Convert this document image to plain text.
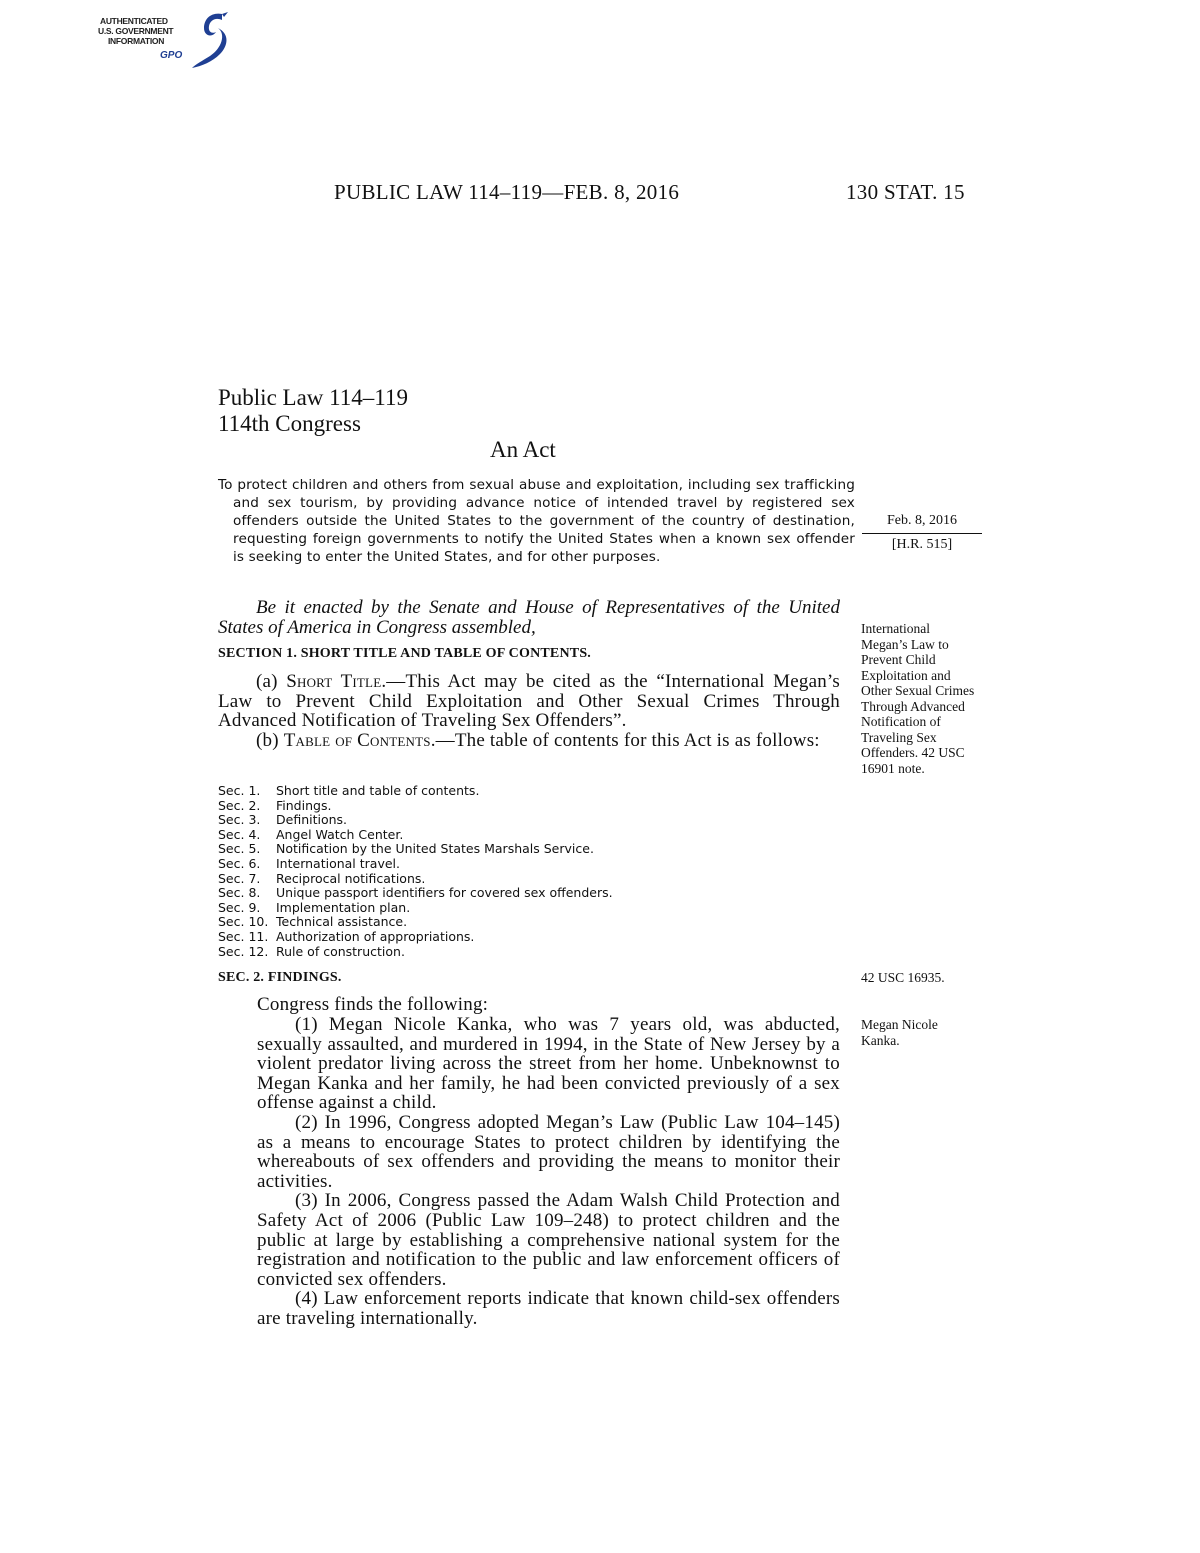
AUTHENTICATED
U.S. GOVERNMENT
INFORMATION
GPO
PUBLIC LAW 114–119—FEB. 8, 2016	130 STAT. 15
Public Law 114–119
114th Congress
An Act
To protect children and others from sexual abuse and exploitation, including sex trafficking and sex tourism, by providing advance notice of intended travel by registered sex offenders outside the United States to the government of the country of destination, requesting foreign governments to notify the United States when a known sex offender is seeking to enter the United States, and for other purposes.
Feb. 8, 2016
[H.R. 515]
Be it enacted by the Senate and House of Representatives of the United States of America in Congress assembled,	International Megan’s Law to Prevent Child Exploitation and Other Sexual Crimes Through Advanced Notification of Traveling Sex Offenders. 42 USC 16901 note.
SECTION 1. SHORT TITLE AND TABLE OF CONTENTS.
(a) Short Title.—This Act may be cited as the “International Megan’s Law to Prevent Child Exploitation and Other Sexual Crimes Through Advanced Notification of Traveling Sex Offenders”.
(b) Table of Contents.—The table of contents for this Act is as follows:
Sec. 1. Short title and table of contents.
Sec. 2. Findings.
Sec. 3. Definitions.
Sec. 4. Angel Watch Center.
Sec. 5. Notification by the United States Marshals Service.
Sec. 6. International travel.
Sec. 7. Reciprocal notifications.
Sec. 8. Unique passport identifiers for covered sex offenders.
Sec. 9. Implementation plan.
Sec. 10. Technical assistance.
Sec. 11. Authorization of appropriations.
Sec. 12. Rule of construction.
SEC. 2. FINDINGS.	42 USC 16935.
Megan Nicole Kanka.
Congress finds the following:

(1) Megan Nicole Kanka, who was 7 years old, was abducted, sexually assaulted, and murdered in 1994, in the State of New Jersey by a violent predator living across the street from her home. Unbeknownst to Megan Kanka and her family, he had been convicted previously of a sex offense against a child.

(2) In 1996, Congress adopted Megan’s Law (Public Law 104–145) as a means to encourage States to protect children by identifying the whereabouts of sex offenders and providing the means to monitor their activities.

(3) In 2006, Congress passed the Adam Walsh Child Protection and Safety Act of 2006 (Public Law 109–248) to protect children and the public at large by establishing a comprehensive national system for the registration and notification to the public and law enforcement officers of convicted sex offenders.

(4) Law enforcement reports indicate that known child-sex offenders are traveling internationally.
